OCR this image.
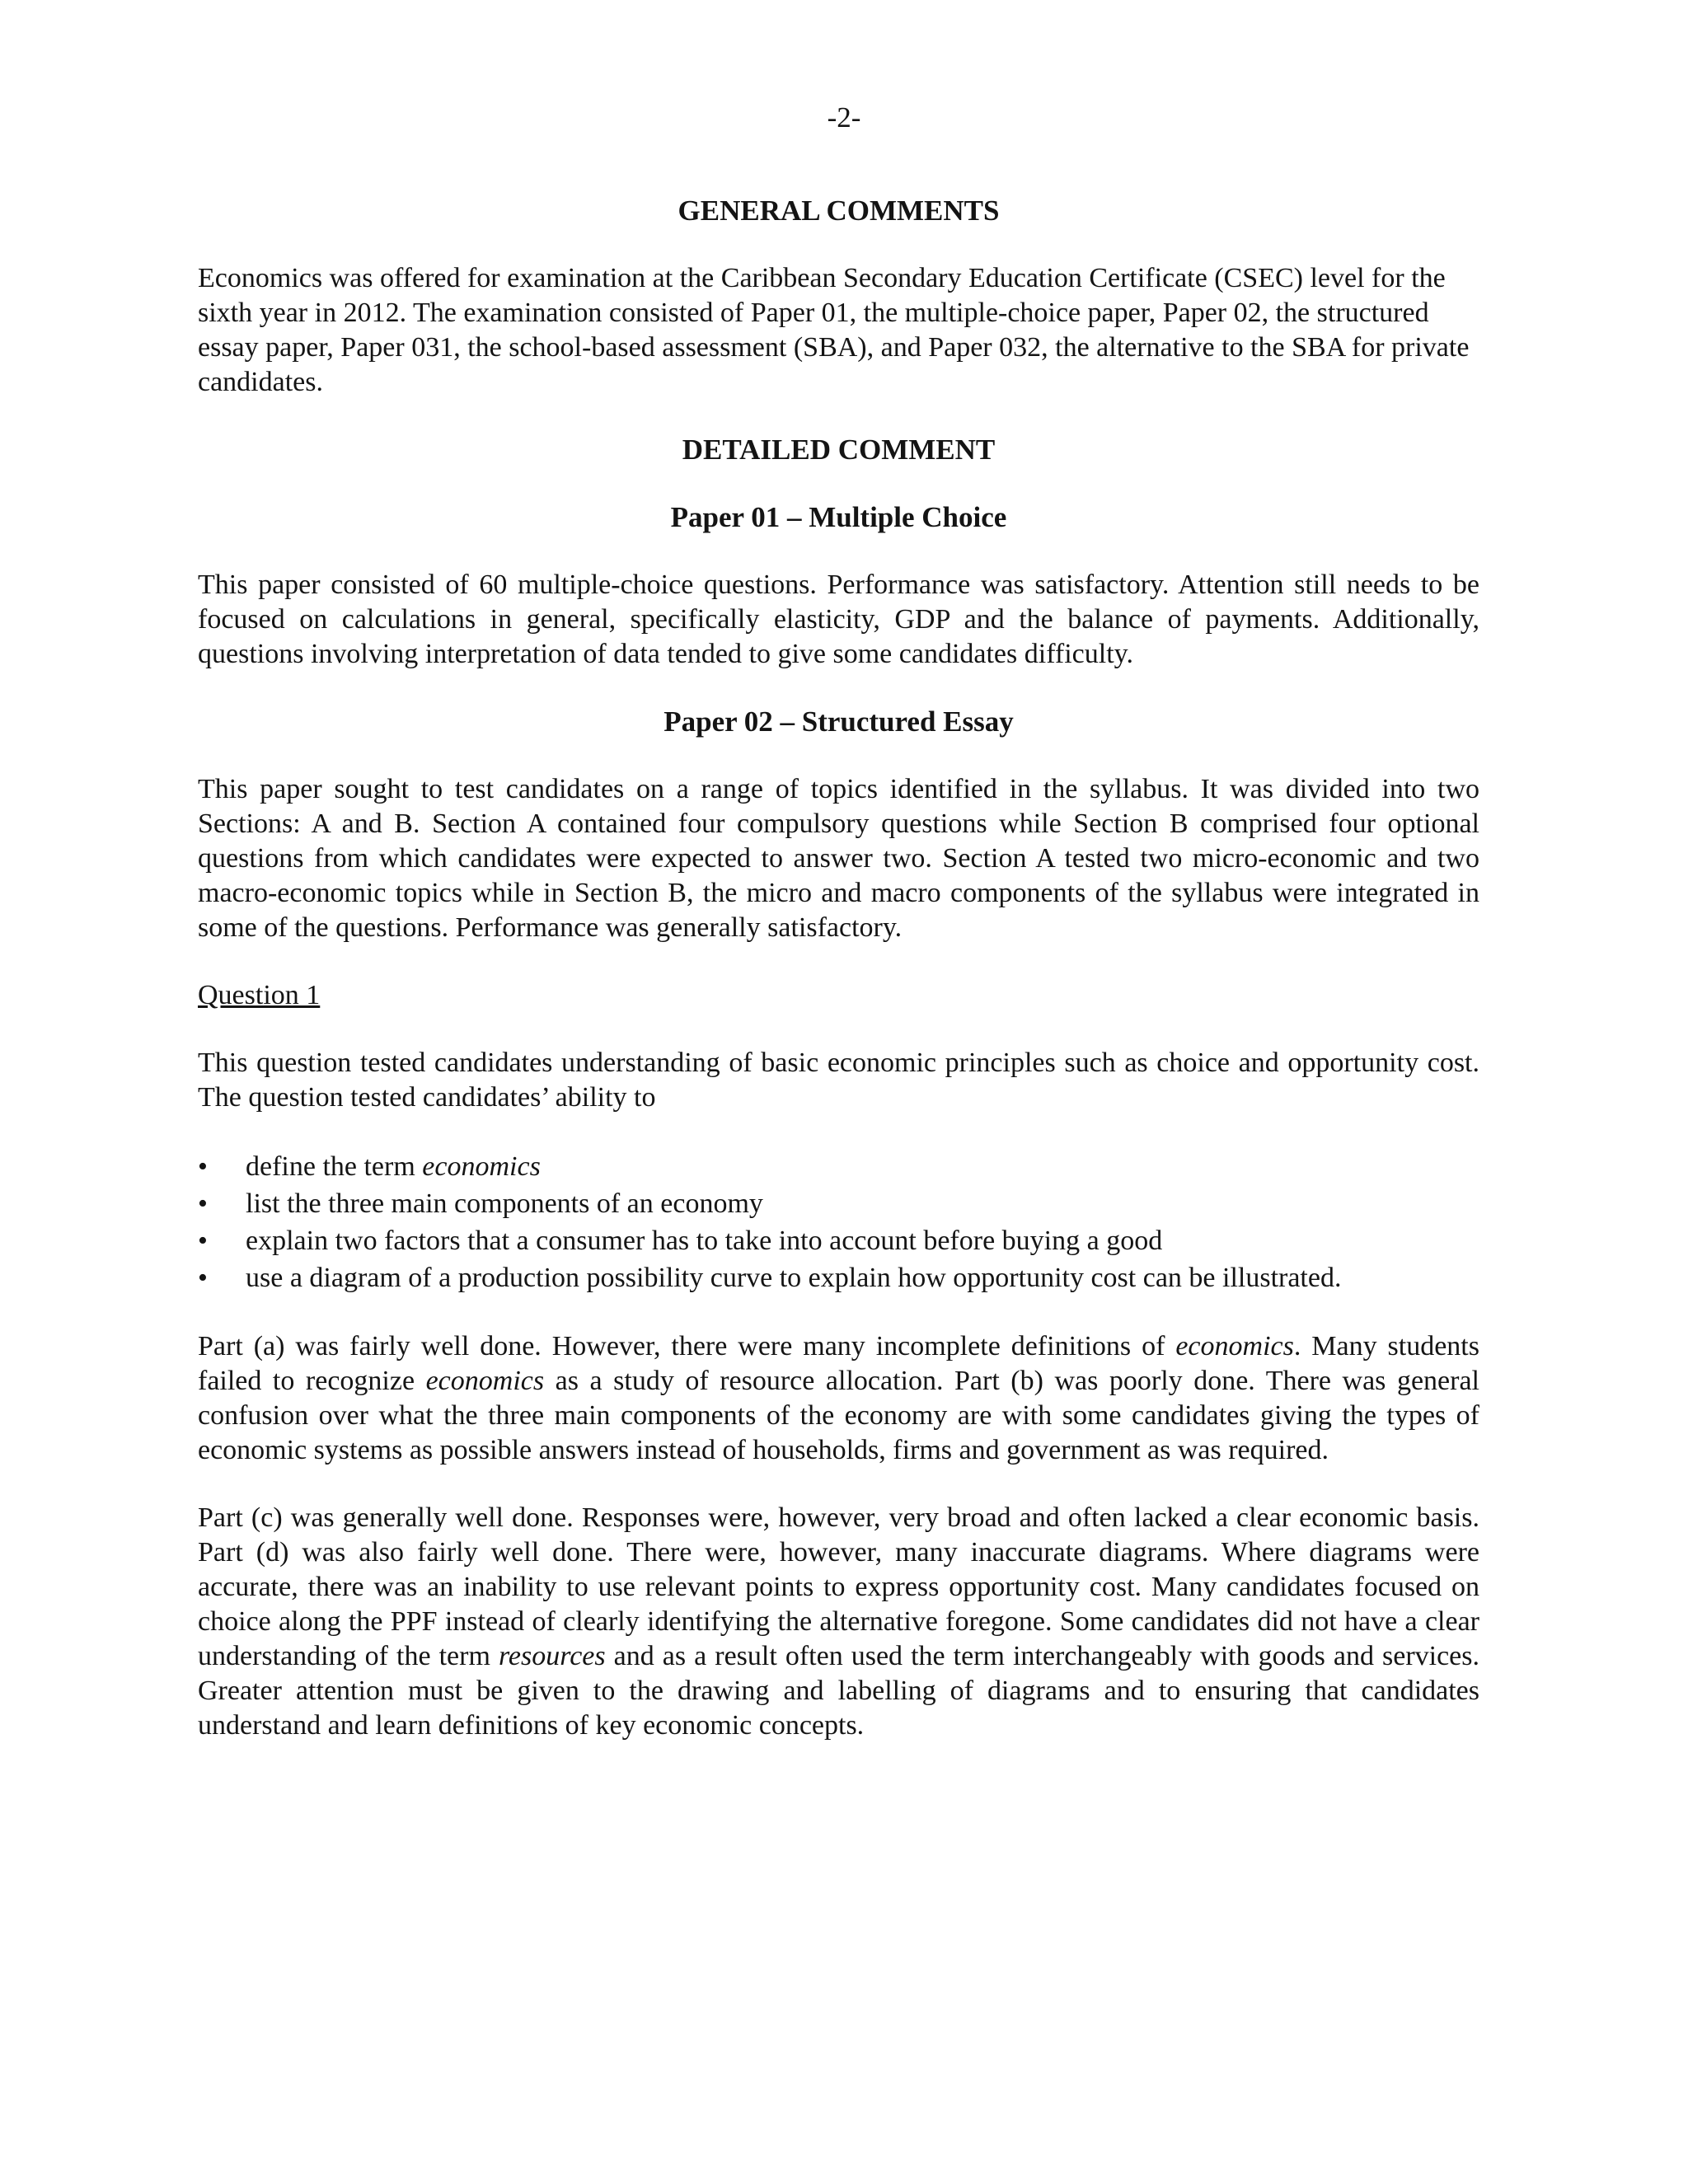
-2-
GENERAL COMMENTS

Economics was offered for examination at the Caribbean Secondary Education Certificate (CSEC) level for the sixth year in 2012. The examination consisted of Paper 01, the multiple-choice paper, Paper 02, the structured essay paper, Paper 031, the school-based assessment (SBA), and Paper 032, the alternative to the SBA for private candidates.

DETAILED COMMENT
Paper 01 – Multiple Choice

This paper consisted of 60 multiple-choice questions. Performance was satisfactory. Attention still needs to be focused on calculations in general, specifically elasticity, GDP and the balance of payments. Additionally, questions involving interpretation of data tended to give some candidates difficulty.

Paper 02 – Structured Essay

This paper sought to test candidates on a range of topics identified in the syllabus. It was divided into two Sections: A and B. Section A contained four compulsory questions while Section B comprised four optional questions from which candidates were expected to answer two. Section A tested two micro-economic and two macro-economic topics while in Section B, the micro and macro components of the syllabus were integrated in some of the questions. Performance was generally satisfactory.

Question 1

This question tested candidates understanding of basic economic principles such as choice and opportunity cost. The question tested candidates’ ability to

• define the term economics
• list the three main components of an economy
• explain two factors that a consumer has to take into account before buying a good
• use a diagram of a production possibility curve to explain how opportunity cost can be illustrated.

Part (a) was fairly well done. However, there were many incomplete definitions of economics. Many students failed to recognize economics as a study of resource allocation. Part (b) was poorly done. There was general confusion over what the three main components of the economy are with some candidates giving the types of economic systems as possible answers instead of households, firms and government as was required.

Part (c) was generally well done. Responses were, however, very broad and often lacked a clear economic basis. Part (d) was also fairly well done. There were, however, many inaccurate diagrams. Where diagrams were accurate, there was an inability to use relevant points to express opportunity cost. Many candidates focused on choice along the PPF instead of clearly identifying the alternative foregone. Some candidates did not have a clear understanding of the term resources and as a result often used the term interchangeably with goods and services. Greater attention must be given to the drawing and labelling of diagrams and to ensuring that candidates understand and learn definitions of key economic concepts.
